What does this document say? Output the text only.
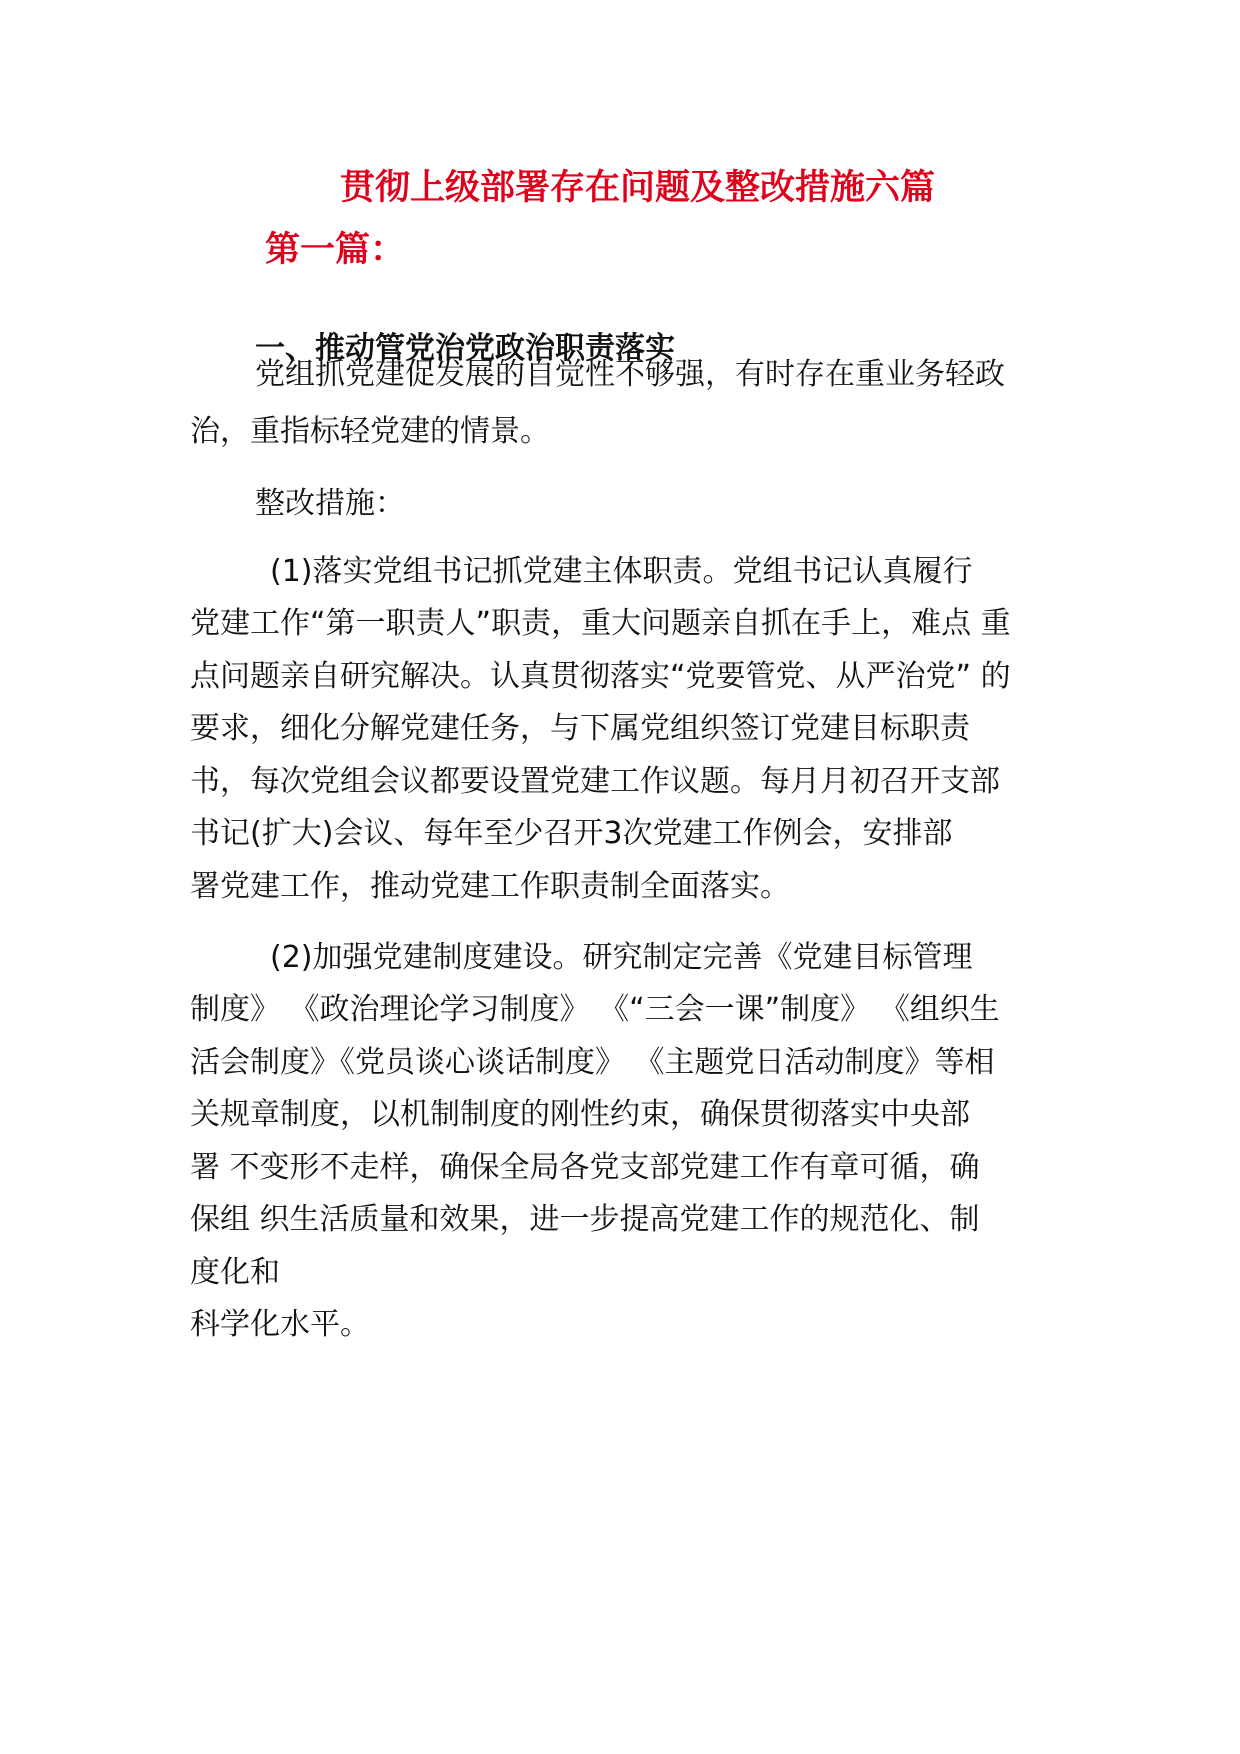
贯彻上级部署存在问题及整改措施六篇
第一篇：
一、推动管党治党政治职责落实
党组抓党建促发展的自觉性不够强，有时存在重业务轻政
治，重指标轻党建的情景。
整改措施：
(1)落实党组书记抓党建主体职责。党组书记认真履行
党建工作“第一职责人”职责，重大问题亲自抓在手上，难点 重
点问题亲自研究解决。认真贯彻落实“党要管党、从严治党” 的
要求，细化分解党建任务，与下属党组织签订党建目标职责
书，每次党组会议都要设置党建工作议题。每月月初召开支部
书记(扩大)会议、每年至少召开3次党建工作例会，安排部
署党建工作，推动党建工作职责制全面落实。
(2)加强党建制度建设。研究制定完善《党建目标管理
制度》 《政治理论学习制度》 《“三会一课”制度》 《组织生
活会制度》《党员谈心谈话制度》 《主题党日活动制度》等相
关规章制度，以机制制度的刚性约束，确保贯彻落实中央部
署 不变形不走样，确保全局各党支部党建工作有章可循，确
保组 织生活质量和效果，进一步提高党建工作的规范化、制
度化和
科学化水平。
